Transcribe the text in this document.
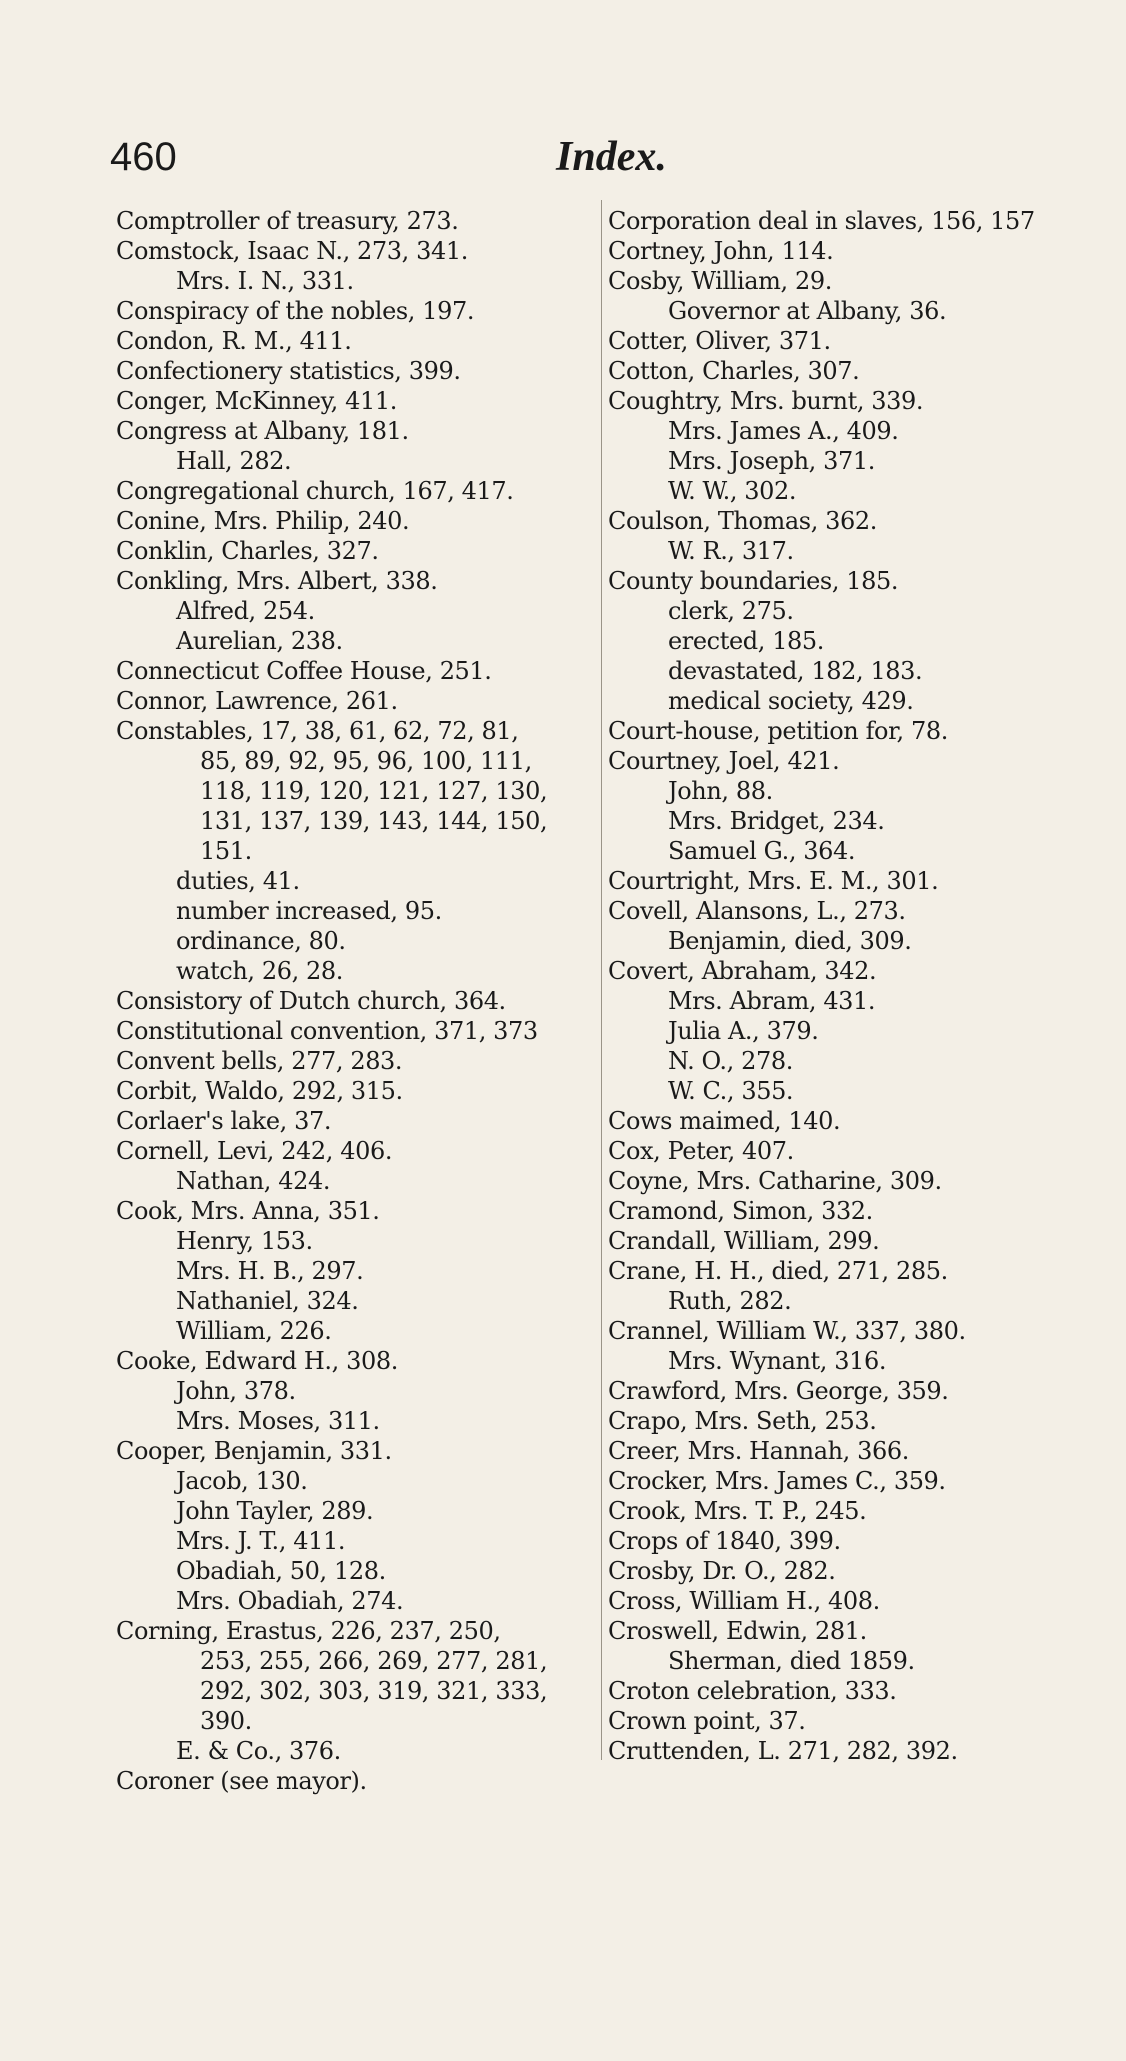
460	Index.
Comptroller of treasury, 273.
Comstock, Isaac N., 273, 341.
Mrs. I. N., 331.
Conspiracy of the nobles, 197.
Condon, R. M., 411.
Confectionery statistics, 399.
Conger, McKinney, 411.
Congress at Albany, 181.
Hall, 282.
Congregational church, 167, 417.
Conine, Mrs. Philip, 240.
Conklin, Charles, 327.
Conkling, Mrs. Albert, 338.
Alfred, 254.
Aurelian, 238.
Connecticut Coffee House, 251.
Connor, Lawrence, 261.
Constables, 17, 38, 61, 62, 72, 81,
85, 89, 92, 95, 96, 100, 111,
118, 119, 120, 121, 127, 130,
131, 137, 139, 143, 144, 150,
151.
duties, 41.
number increased, 95.
ordinance, 80.
watch, 26, 28.
Consistory of Dutch church, 364.
Constitutional convention, 371, 373
Convent bells, 277, 283.
Corbit, Waldo, 292, 315.
Corlaer's lake, 37.
Cornell, Levi, 242, 406.
Nathan, 424.
Cook, Mrs. Anna, 351.
Henry, 153.
Mrs. H. B., 297.
Nathaniel, 324.
William, 226.
Cooke, Edward H., 308.
John, 378.
Mrs. Moses, 311.
Cooper, Benjamin, 331.
Jacob, 130.
John Tayler, 289.
Mrs. J. T., 411.
Obadiah, 50, 128.
Mrs. Obadiah, 274.
Corning, Erastus, 226, 237, 250,
253, 255, 266, 269, 277, 281,
292, 302, 303, 319, 321, 333,
390.
E. & Co., 376.
Coroner (see mayor).
Corporation deal in slaves, 156, 157
Cortney, John, 114.
Cosby, William, 29.
Governor at Albany, 36.
Cotter, Oliver, 371.
Cotton, Charles, 307.
Coughtry, Mrs. burnt, 339.
Mrs. James A., 409.
Mrs. Joseph, 371.
W. W., 302.
Coulson, Thomas, 362.
W. R., 317.
County boundaries, 185.
clerk, 275.
erected, 185.
devastated, 182, 183.
medical society, 429.
Court-house, petition for, 78.
Courtney, Joel, 421.
John, 88.
Mrs. Bridget, 234.
Samuel G., 364.
Courtright, Mrs. E. M., 301.
Covell, Alansons, L., 273.
Benjamin, died, 309.
Covert, Abraham, 342.
Mrs. Abram, 431.
Julia A., 379.
N. O., 278.
W. C., 355.
Cows maimed, 140.
Cox, Peter, 407.
Coyne, Mrs. Catharine, 309.
Cramond, Simon, 332.
Crandall, William, 299.
Crane, H. H., died, 271, 285.
Ruth, 282.
Crannel, William W., 337, 380.
Mrs. Wynant, 316.
Crawford, Mrs. George, 359.
Crapo, Mrs. Seth, 253.
Creer, Mrs. Hannah, 366.
Crocker, Mrs. James C., 359.
Crook, Mrs. T. P., 245.
Crops of 1840, 399.
Crosby, Dr. O., 282.
Cross, William H., 408.
Croswell, Edwin, 281.
Sherman, died 1859.
Croton celebration, 333.
Crown point, 37.
Cruttenden, L. 271, 282, 392.
